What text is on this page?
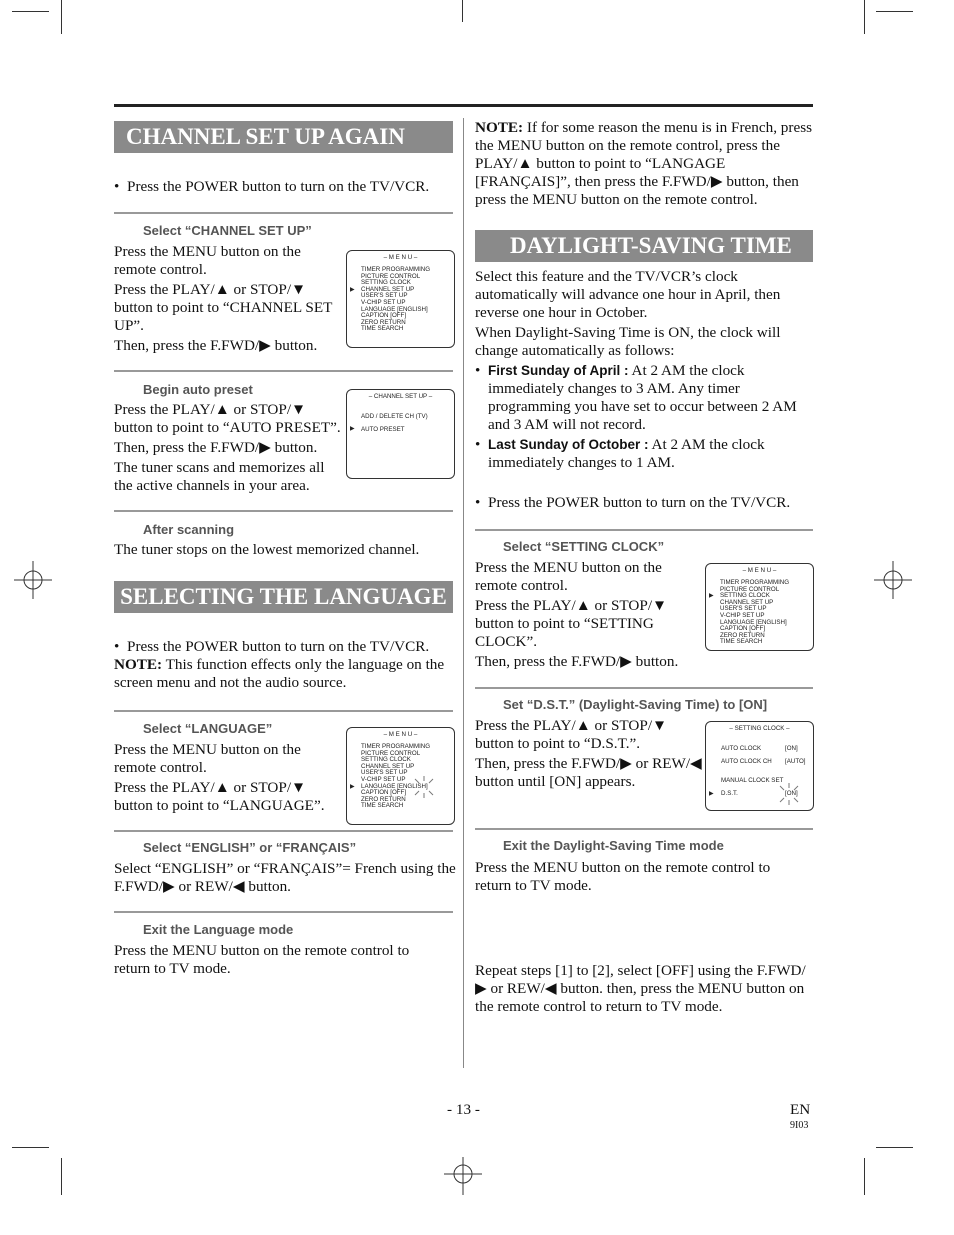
CHANNEL SET UP AGAIN
• Press the POWER button to turn on the TV/VCR.
Select “CHANNEL SET UP”

Press the MENU button on the remote control.

Press the PLAY/▲ or STOP/▼ button to point to “CHANNEL SET UP”.

Then, press the F.FWD/▶ button.

– M E N U –
TIMER PROGRAMMING
PICTURE CONTROL
SETTING CLOCK
CHANNEL SET UP
USER'S SET UP
V-CHIP SET UP
LANGUAGE [ENGLISH]
CAPTION [OFF]
ZERO RETURN
TIME SEARCH
▶
Begin auto preset

Press the PLAY/▲ or STOP/▼ button to point to “AUTO PRESET”.

Then, press the F.FWD/▶ button.

The tuner scans and memorizes all the active channels in your area.

– CHANNEL SET UP –
ADD / DELETE CH (TV)
AUTO PRESET
▶
After scanning
The tuner stops on the lowest memorized channel.
SELECTING THE LANGUAGE
• Press the POWER button to turn on the TV/VCR.

NOTE: This function effects only the language on the screen menu and not the audio source.

Select “LANGUAGE”

Press the MENU button on the remote control.

Press the PLAY/▲ or STOP/▼ button to point to “LANGUAGE”.

– M E N U –
TIMER PROGRAMMING
PICTURE CONTROL
SETTING CLOCK
CHANNEL SET UP
USER'S SET UP
V-CHIP SET UP
LANGUAGE [ENGLISH]
CAPTION [OFF]
ZERO RETURN
TIME SEARCH
▶
Select “ENGLISH” or “FRANÇAIS”
Select “ENGLISH” or “FRANÇAIS”= French using the F.FWD/▶ or REW/◀ button.
Exit the Language mode
Press the MENU button on the remote control to return to TV mode.
NOTE: If for some reason the menu is in French, press the MENU button on the remote control, press the PLAY/▲ button to point to “LANGAGE [FRANÇAIS]”, then press the F.FWD/▶ button, then press the MENU button on the remote control.
DAYLIGHT-SAVING TIME

Select this feature and the TV/VCR’s clock automatically will advance one hour in April, then reverse one hour in October.

When Daylight-Saving Time is ON, the clock will change automatically as follows:

• First Sunday of April : At 2 AM the clock immediately changes to 3 AM. Any timer programming you have set to occur between 2 AM and 3 AM will not record.
• Last Sunday of October : At 2 AM the clock immediately changes to 1 AM.
• Press the POWER button to turn on the TV/VCR.
Select “SETTING CLOCK”

Press the MENU button on the remote control.

Press the PLAY/▲ or STOP/▼ button to point to “SETTING CLOCK”.

Then, press the F.FWD/▶ button.

– M E N U –
TIMER PROGRAMMING
PICTURE CONTROL
SETTING CLOCK
CHANNEL SET UP
USER'S SET UP
V-CHIP SET UP
LANGUAGE [ENGLISH]
CAPTION [OFF]
ZERO RETURN
TIME SEARCH
▶
Set “D.S.T.” (Daylight-Saving Time) to [ON]

Press the PLAY/▲ or STOP/▼ button to point to “D.S.T.”.

Then, press the F.FWD/▶ or REW/◀ button until [ON] appears.

– SETTING CLOCK –
AUTO CLOCK	[ON]
AUTO CLOCK CH [AUTO]
MANUAL CLOCK SET
D.S.T.	[ON]
▶
Exit the Daylight-Saving Time mode
Press the MENU button on the remote control to return to TV mode.
Repeat steps [1] to [2], select [OFF] using the F.FWD/▶ or REW/◀ button. then, press the MENU button on the remote control to return to TV mode.
- 13 -	EN
9I03
